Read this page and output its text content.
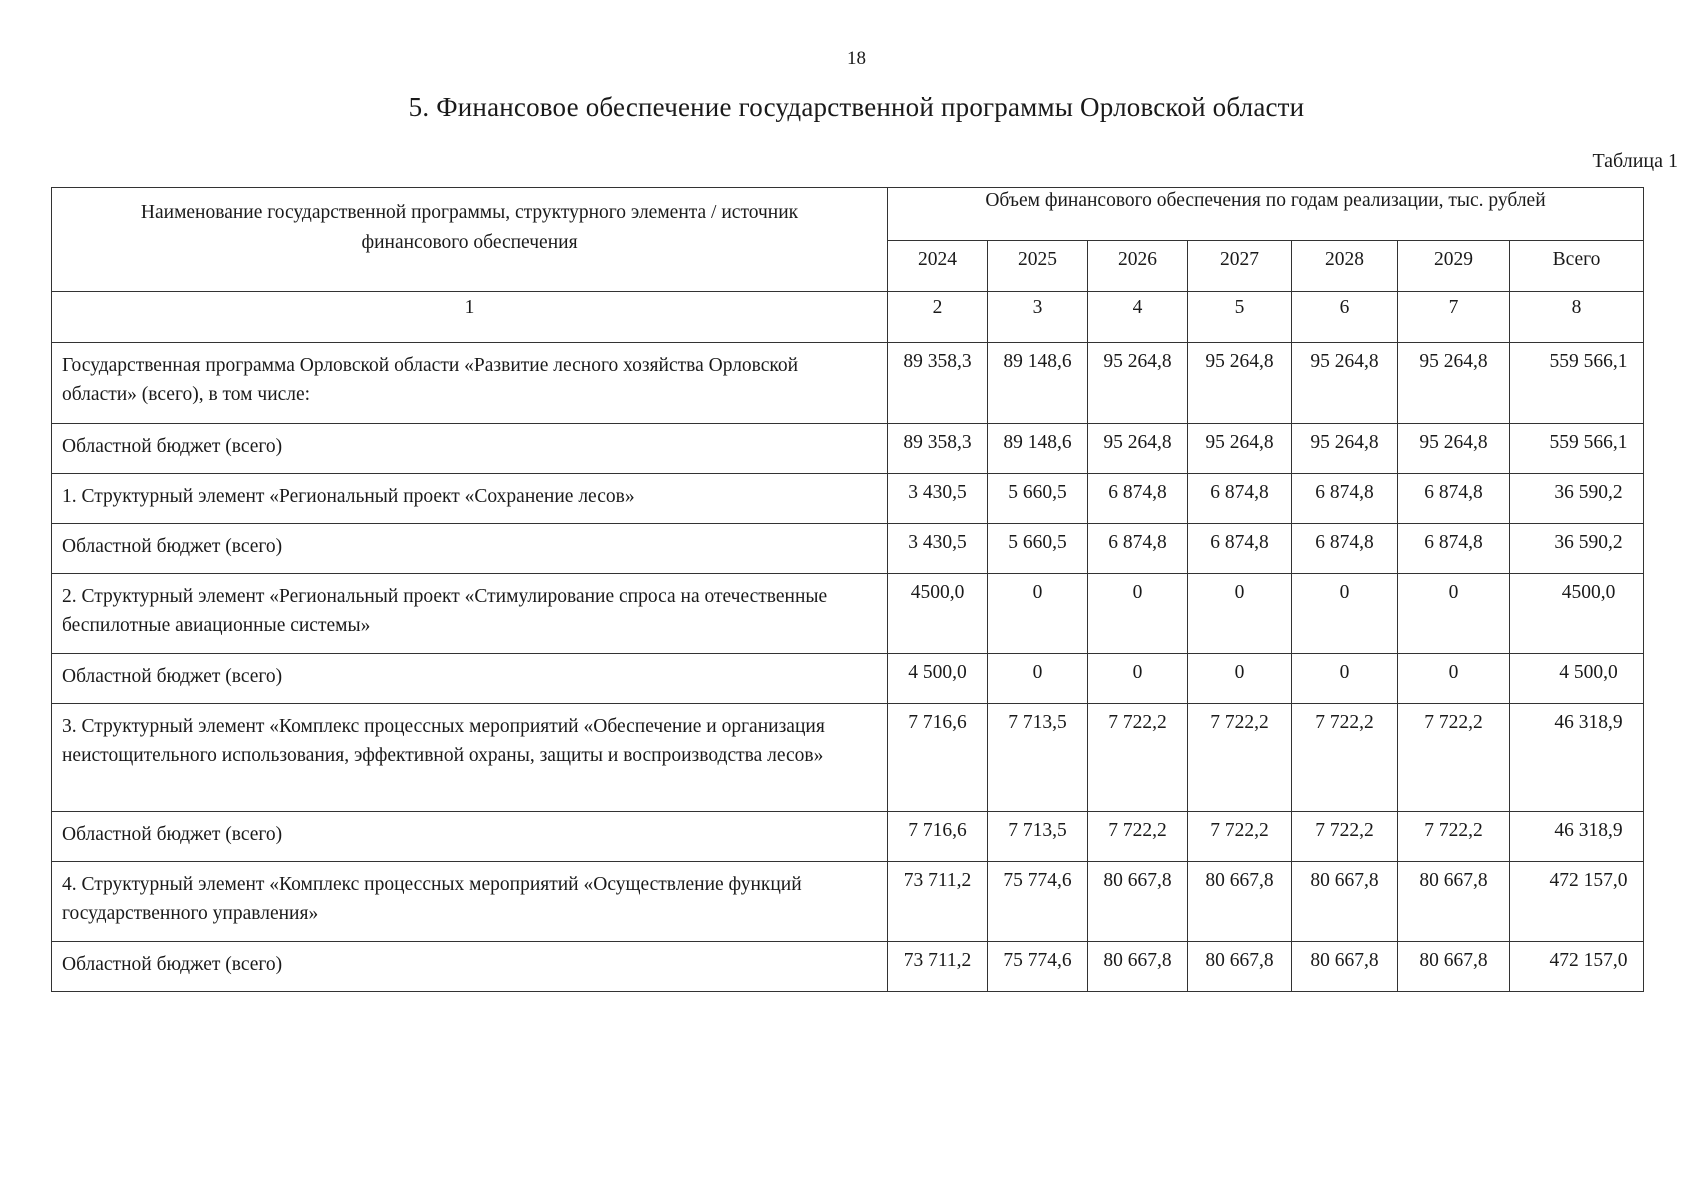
18
5. Финансовое обеспечение государственной программы Орловской области
Таблица 1
Наименование государственной программы, структурного элемента / источник финансового обеспечения	Объем финансового обеспечения по годам реализации, тыс. рублей						
	2024	2025	2026	2027	2028	2029	Всего
1	2	3	4	5	6	7	8
Государственная программа Орловской области «Развитие лесного хозяйства Орловской области» (всего), в том числе:	89 358,3	89 148,6	95 264,8	95 264,8	95 264,8	95 264,8	559 566,1
Областной бюджет (всего)	89 358,3	89 148,6	95 264,8	95 264,8	95 264,8	95 264,8	559 566,1
1. Структурный элемент «Региональный проект «Сохранение лесов»	3 430,5	5 660,5	6 874,8	6 874,8	6 874,8	6 874,8	36 590,2
Областной бюджет (всего)	3 430,5	5 660,5	6 874,8	6 874,8	6 874,8	6 874,8	36 590,2
2. Структурный элемент «Региональный проект «Стимулирование спроса на отечественные беспилотные авиационные системы»	4500,0	0	0	0	0	0	4500,0
Областной бюджет (всего)	4 500,0	0	0	0	0	0	4 500,0
3. Структурный элемент «Комплекс процессных мероприятий «Обеспечение и организация неистощительного использования, эффективной охраны, защиты и воспроизводства лесов»	7 716,6	7 713,5	7 722,2	7 722,2	7 722,2	7 722,2	46 318,9
Областной бюджет (всего)	7 716,6	7 713,5	7 722,2	7 722,2	7 722,2	7 722,2	46 318,9
4. Структурный элемент «Комплекс процессных мероприятий «Осуществление функций государственного управления»	73 711,2	75 774,6	80 667,8	80 667,8	80 667,8	80 667,8	472 157,0
Областной бюджет (всего)	73 711,2	75 774,6	80 667,8	80 667,8	80 667,8	80 667,8	472 157,0
